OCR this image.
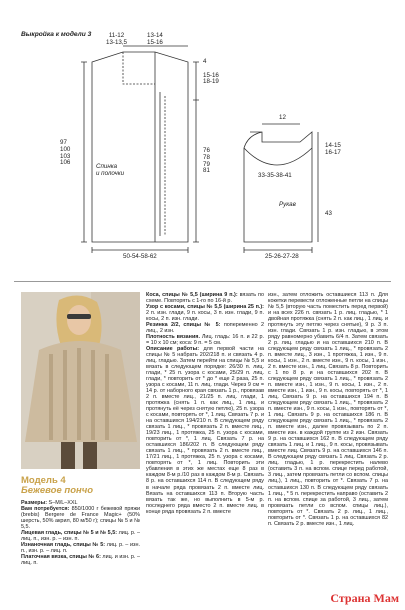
Выкройка к модели 3	11-12
13-13,5
13-14
15-16
4

15-16
18-19
97
100
103
106
76
78
79
81
Спинка
и полочки
50-54-58-62
12
14-15
16-17
33-35-38-41
Рукав
43
25-26-27-28
Модель 4
Бежевое пончо

Размеры: S–M/L–XXL

Вам потребуется: 850/1000 г бежевой пряжи (brebis) Bergere de France Magic+ (50% шерсть, 50% акрил, 80 м/50 г); спицы № 5 и № 5,5.

Лицевая гладь, спицы № 5 и № 5,5: лиц. р. – лиц. п., изн. р. – изн. п.

Изнаночная гладь, спицы № 5: лиц. р. – изн. п., изн. р. – лиц. п.

Платочная вязка, спицы № 6: лиц. и изн. р. – лиц. п.

Коса, спицы № 5,5 (ширина 9 п.): вязать по схеме. Повторять с 1-го по 16-й р.

Узор с косами, спицы № 5,5 (ширина 25 п.): 2 п. изн. глади, 9 п. косы, 3 п. изн. глади, 9 п. косы, 2 п. изн. глади.

Резинка 2/2, спицы № 5: попеременно 2 лиц., 2 изн.

Плотность вязания. Лиц. гладь: 16 п. и 22 р. = 10 х 10 см; коса: 9 п. = 5 см.

Описание работы: для первой части на спицы № 5 набрать 202/218 п. и связать 4 р. лиц. гладью. Затем перейти на спицы № 5,5 и вязать в следующем порядке: 26/30 п. лиц. глади, * 25 п. узора с косами, 25/29 п. лиц. глади, * повторить от * до * еще 2 раза, 25 п. узора с косами, 11 п. лиц. глади. Через 9 см = 14 р. от наборного края связать 1 р., провязав 2 п. вместе лиц., 21/25 п. лиц. глади, 1 протяжка (снять 1 п. как лиц., 1 лиц. и протянуть её через снятую петлю), 25 п. узора с косами, повторять от *, 1 лиц. Связать 7 р. и на оставшихся 194/210 п. В следующем ряду связать 1 лиц., * провязать 2 п. вместе лиц., 19/23 лиц., 1 протяжка, 25 п. узора с косами, повторить от *, 1 лиц. Связать 7 р. на оставшихся 186/202 п. В следующем ряду связать 1 лиц., * провязать 2 п. вместе лиц., 17/21 лиц., 1 протяжка, 25 п. узора с косами, повторять от *, 1 лиц. Повторить эти убавления в этих же местах еще 8 раз в каждом 8-м р./10 раз в каждом 8-м р. Связать 8 р. на оставшихся 114 п. В следующем ряду в начале ряда провязать 2 п. вместе лиц. Вязать на оставшихся 113 п. Вторую часть вязать так же, но выполнить в 5-м р. последнего ряда вместо 2 п. вместе лиц. в конце ряда провязать 2 п. вместе

изн., затем отложить оставшиеся 113 п. Для кокетки перевести отложенные петли на спицы № 5,5 (вторую часть поместить перед первой) и на всех 226 п. связать 1 р. лиц. гладью, * 1 двойная протяжка (снять 2 п. как лиц., 1 лиц. и протянуть эту петлю через снятые), 9 р. 3 п. изн. глади. Связать 1 р. изн. гладью, в этом ряду равномерно убавить 6/4 п. Затем связать 2 р. лиц. гладью и на оставшихся 210 п. В следующем ряду связать 1 лиц., * провязать 2 п. вместе лиц., 3 изн., 1 протяжка, 1 изн., 9 п. косы, 1 изн., 2 п. вместе изн., 9 п. косы, 1 изн., 2 п. вместе изн., 1 лиц. Связать 8 р. Повторить с 1 по 8 р. и на оставшихся 202 п. В следующем ряду связать 1 лиц., * провязать 2 п. вместе изн., 1 изн., 9 п. косы, 1 изн., 2 п. вместе изн., 1 изн., 9 п. косы, повторять от *, 1 лиц. Связать 9 р. на оставшихся 194 п. В следующем ряду связать 1 лиц., * провязать 2 п. вместе изн., 9 п. косы, 1 изн., повторять от *, 1 лиц. Связать 9 р. на оставшихся 186 п. В следующем ряду связать 1 лиц., * провязать 2 п. вместе изн., далее провязывать по 2 п. вместе изн. в каждой группе из 2 изн. Связать 9 р. на оставшихся 162 п. В следующем ряду связать 1 лиц. и 1 лиц., 9 п. косы, провязывать вместе лиц. Связать 9 р. на оставшихся 146 п. В следующем ряду связать 1 лиц. Связать 2 р. лиц. гладью, 1 р. перекрестить налево (оставить 3 п. на вспом. спице перед работой, 3 лиц., затем провязать петли со вспом. спицы лиц.), 1 лиц., повторить от *. Связать 7 р. на оставшихся 130 п. В следующем ряду связать 1 лиц., * 5 п. перекрестить направо (оставить 2 п. на вспом. спице за работой, 3 лиц., затем провязать петли со вспом. спицы лиц.), повторять от *. Связать 2 р. лиц., 1 лиц., повторить от *. Связать 1 р. на оставшихся 82 п. Связать 2 р. вместе изн., 1 лиц.

Страна Мам
